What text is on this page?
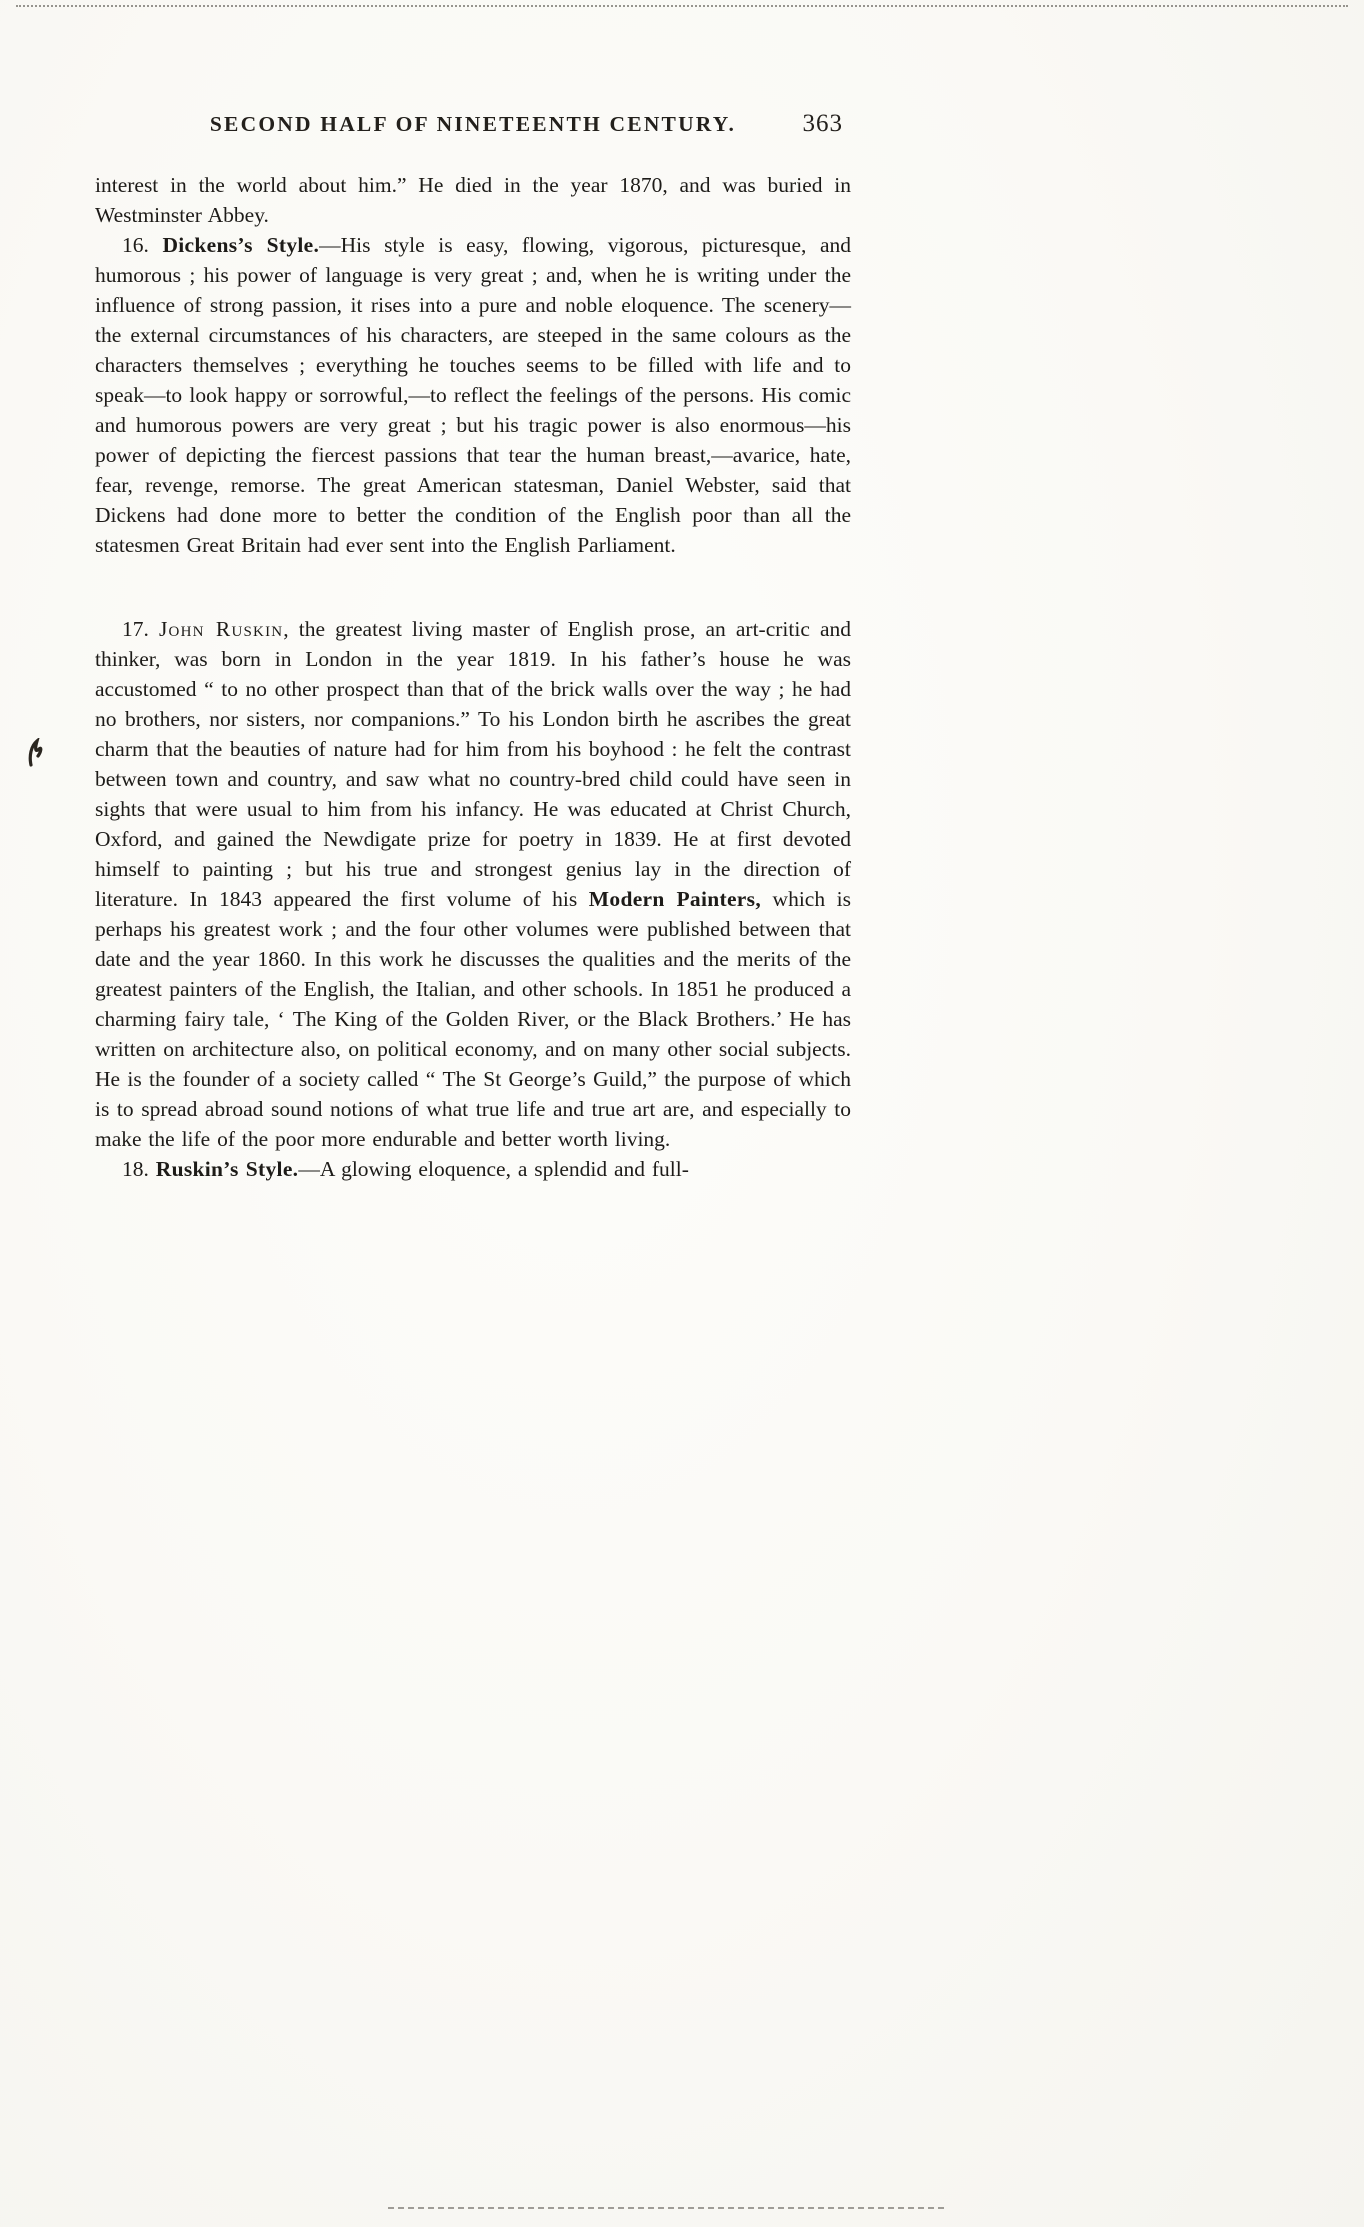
SECOND HALF OF NINETEENTH CENTURY.	363

interest in the world about him.” He died in the year 1870, and was buried in Westminster Abbey.

16. Dickens’s Style.—His style is easy, flowing, vigorous, picturesque, and humorous ; his power of language is very great ; and, when he is writing under the influence of strong passion, it rises into a pure and noble eloquence. The scenery—the external circumstances of his characters, are steeped in the same colours as the characters themselves ; everything he touches seems to be filled with life and to speak—to look happy or sorrowful,—to reflect the feelings of the persons. His comic and humorous powers are very great ; but his tragic power is also enormous—his power of depicting the fiercest passions that tear the human breast,—avarice, hate, fear, revenge, remorse. The great American statesman, Daniel Webster, said that Dickens had done more to better the condition of the English poor than all the statesmen Great Britain had ever sent into the English Parliament.

17. John Ruskin, the greatest living master of English prose, an art-critic and thinker, was born in London in the year 1819. In his father’s house he was accustomed “ to no other prospect than that of the brick walls over the way ; he had no brothers, nor sisters, nor companions.” To his London birth he ascribes the great charm that the beauties of nature had for him from his boyhood : he felt the contrast between town and country, and saw what no country-bred child could have seen in sights that were usual to him from his infancy. He was educated at Christ Church, Oxford, and gained the Newdigate prize for poetry in 1839. He at first devoted himself to painting ; but his true and strongest genius lay in the direction of literature. In 1843 appeared the first volume of his Modern Painters, which is perhaps his greatest work ; and the four other volumes were published between that date and the year 1860. In this work he discusses the qualities and the merits of the greatest painters of the English, the Italian, and other schools. In 1851 he produced a charming fairy tale, ‘ The King of the Golden River, or the Black Brothers.’ He has written on architecture also, on political economy, and on many other social subjects. He is the founder of a society called “ The St George’s Guild,” the purpose of which is to spread abroad sound notions of what true life and true art are, and especially to make the life of the poor more endurable and better worth living.

18. Ruskin’s Style.—A glowing eloquence, a splendid and full-
